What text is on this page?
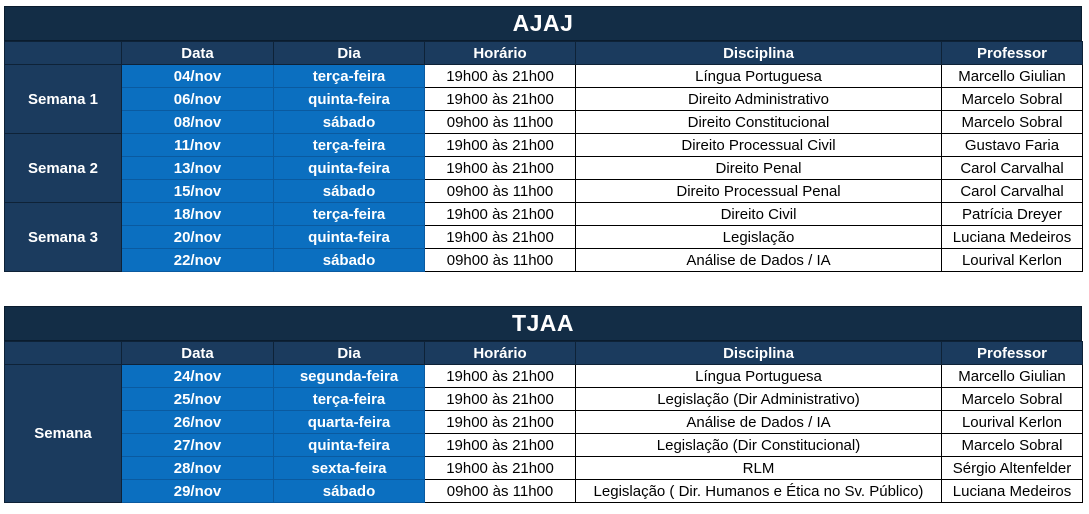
AJAJ
	Data	Dia	Horário	Disciplina	Professor
Semana 1	04/nov	terça-feira	19h00 às 21h00	Língua Portuguesa	Marcello Giulian
	06/nov	quinta-feira	19h00 às 21h00	Direito Administrativo	Marcelo Sobral
	08/nov	sábado	09h00 às 11h00	Direito Constitucional	Marcelo Sobral
Semana 2	11/nov	terça-feira	19h00 às 21h00	Direito Processual Civil	Gustavo Faria
	13/nov	quinta-feira	19h00 às 21h00	Direito Penal	Carol Carvalhal
	15/nov	sábado	09h00 às 11h00	Direito Processual Penal	Carol Carvalhal
Semana 3	18/nov	terça-feira	19h00 às 21h00	Direito Civil	Patrícia Dreyer
	20/nov	quinta-feira	19h00 às 21h00	Legislação	Luciana Medeiros
	22/nov	sábado	09h00 às 11h00	Análise de Dados / IA	Lourival Kerlon
TJAA
	Data	Dia	Horário	Disciplina	Professor
Semana	24/nov	segunda-feira	19h00 às 21h00	Língua Portuguesa	Marcello Giulian
	25/nov	terça-feira	19h00 às 21h00	Legislação (Dir Administrativo)	Marcelo Sobral
	26/nov	quarta-feira	19h00 às 21h00	Análise de Dados / IA	Lourival Kerlon
	27/nov	quinta-feira	19h00 às 21h00	Legislação (Dir Constitucional)	Marcelo Sobral
	28/nov	sexta-feira	19h00 às 21h00	RLM	Sérgio Altenfelder
	29/nov	sábado	09h00 às 11h00	Legislação ( Dir. Humanos e Ética no Sv. Público)	Luciana Medeiros
